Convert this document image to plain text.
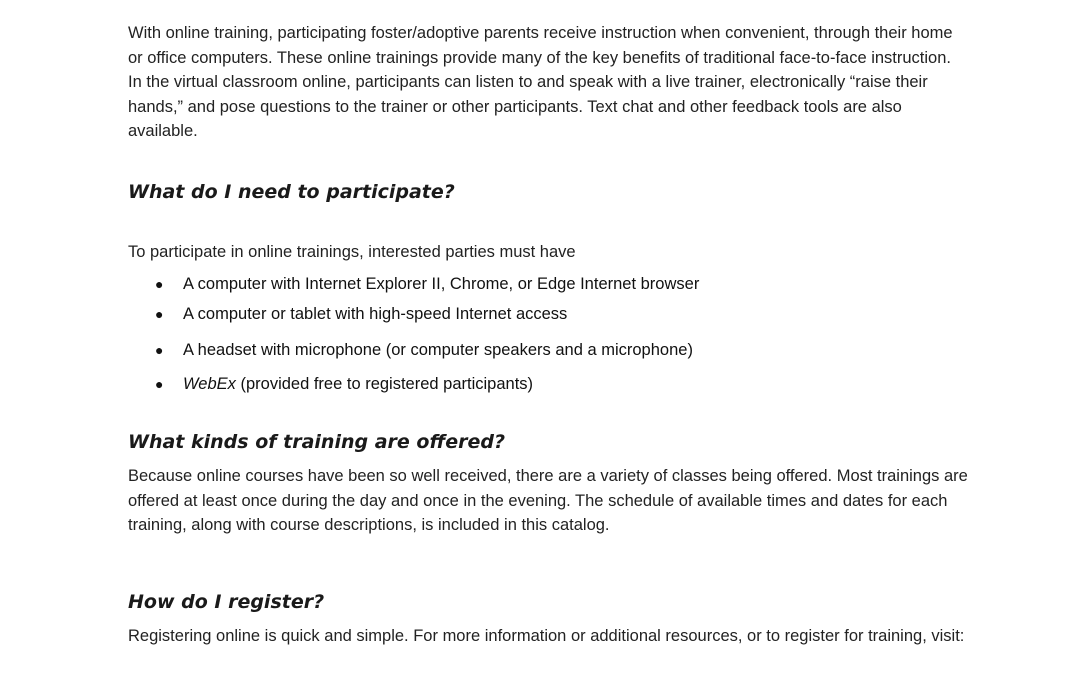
With online training, participating foster/adoptive parents receive instruction when convenient, through their home or office computers. These online trainings provide many of the key benefits of traditional face-to-face instruction. In the virtual classroom online, participants can listen to and speak with a live trainer, electronically “raise their hands,” and pose questions to the trainer or other participants. Text chat and other feedback tools are also available.

What do I need to participate?

To participate in online trainings, interested parties must have

● A computer with Internet Explorer II, Chrome, or Edge Internet browser
● A computer or tablet with high-speed Internet access
● A headset with microphone (or computer speakers and a microphone)
● WebEx (provided free to registered participants)
What kinds of training are offered?

Because online courses have been so well received, there are a variety of classes being offered. Most trainings are offered at least once during the day and once in the evening. The schedule of available times and dates for each training, along with course descriptions, is included in this catalog.

How do I register?

Registering online is quick and simple. For more information or additional resources, or to register for training, visit:
